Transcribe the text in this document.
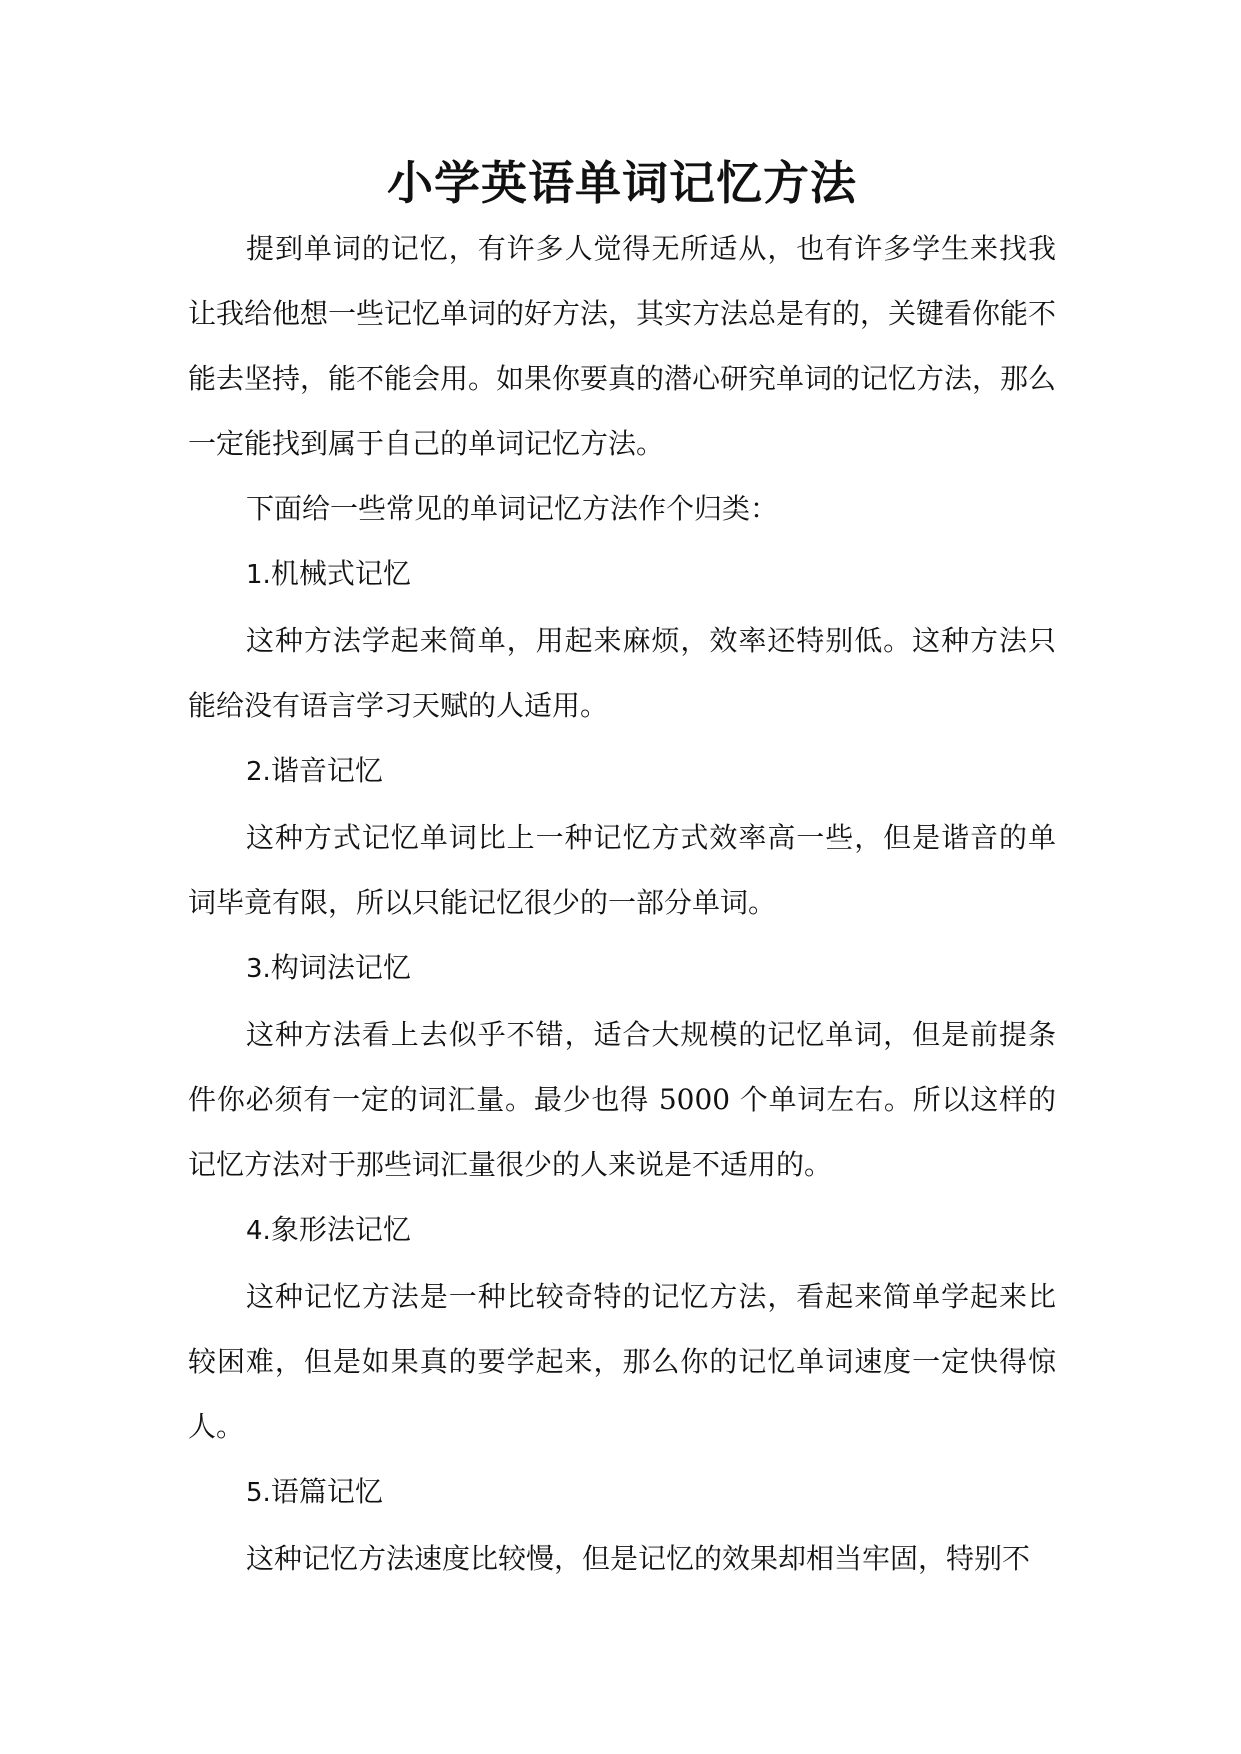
小学英语单词记忆方法

提到单词的记忆，有许多人觉得无所适从，也有许多学生来找我让我给他想一些记忆单词的好方法，其实方法总是有的，关键看你能不能去坚持，能不能会用。如果你要真的潜心研究单词的记忆方法，那么一定能找到属于自己的单词记忆方法。

下面给一些常见的单词记忆方法作个归类：

1.机械式记忆

这种方法学起来简单，用起来麻烦，效率还特别低。这种方法只能给没有语言学习天赋的人适用。

2.谐音记忆

这种方式记忆单词比上一种记忆方式效率高一些，但是谐音的单词毕竟有限，所以只能记忆很少的一部分单词。

3.构词法记忆

这种方法看上去似乎不错，适合大规模的记忆单词，但是前提条件你必须有一定的词汇量。最少也得 5000 个单词左右。所以这样的记忆方法对于那些词汇量很少的人来说是不适用的。

4.象形法记忆

这种记忆方法是一种比较奇特的记忆方法，看起来简单学起来比较困难，但是如果真的要学起来，那么你的记忆单词速度一定快得惊人。

5.语篇记忆

这种记忆方法速度比较慢，但是记忆的效果却相当牢固，特别不
